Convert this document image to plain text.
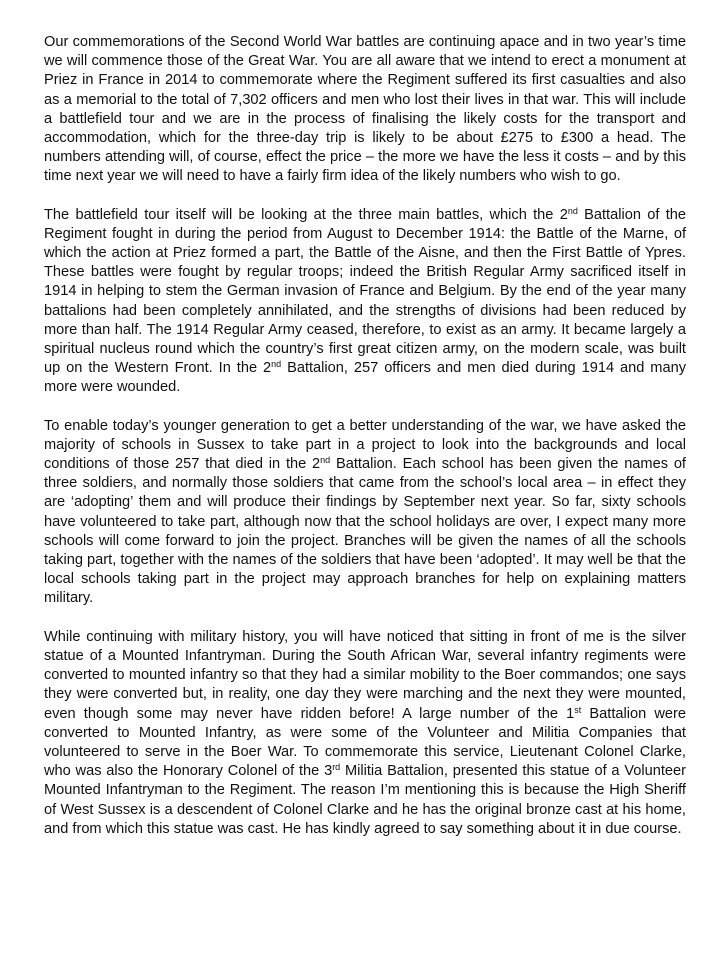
Our commemorations of the Second World War battles are continuing apace and in two year’s time we will commence those of the Great War. You are all aware that we intend to erect a monument at Priez in France in 2014 to commemorate where the Regiment suffered its first casualties and also as a memorial to the total of 7,302 officers and men who lost their lives in that war. This will include a battlefield tour and we are in the process of finalising the likely costs for the transport and accommodation, which for the three-day trip is likely to be about £275 to £300 a head. The numbers attending will, of course, effect the price – the more we have the less it costs – and by this time next year we will need to have a fairly firm idea of the likely numbers who wish to go.

The battlefield tour itself will be looking at the three main battles, which the 2nd Battalion of the Regiment fought in during the period from August to December 1914: the Battle of the Marne, of which the action at Priez formed a part, the Battle of the Aisne, and then the First Battle of Ypres. These battles were fought by regular troops; indeed the British Regular Army sacrificed itself in 1914 in helping to stem the German invasion of France and Belgium. By the end of the year many battalions had been completely annihilated, and the strengths of divisions had been reduced by more than half. The 1914 Regular Army ceased, therefore, to exist as an army. It became largely a spiritual nucleus round which the country’s first great citizen army, on the modern scale, was built up on the Western Front. In the 2nd Battalion, 257 officers and men died during 1914 and many more were wounded.

To enable today’s younger generation to get a better understanding of the war, we have asked the majority of schools in Sussex to take part in a project to look into the backgrounds and local conditions of those 257 that died in the 2nd Battalion. Each school has been given the names of three soldiers, and normally those soldiers that came from the school’s local area – in effect they are ‘adopting’ them and will produce their findings by September next year. So far, sixty schools have volunteered to take part, although now that the school holidays are over, I expect many more schools will come forward to join the project. Branches will be given the names of all the schools taking part, together with the names of the soldiers that have been ‘adopted’. It may well be that the local schools taking part in the project may approach branches for help on explaining matters military.

While continuing with military history, you will have noticed that sitting in front of me is the silver statue of a Mounted Infantryman. During the South African War, several infantry regiments were converted to mounted infantry so that they had a similar mobility to the Boer commandos; one says they were converted but, in reality, one day they were marching and the next they were mounted, even though some may never have ridden before! A large number of the 1st Battalion were converted to Mounted Infantry, as were some of the Volunteer and Militia Companies that volunteered to serve in the Boer War. To commemorate this service, Lieutenant Colonel Clarke, who was also the Honorary Colonel of the 3rd Militia Battalion, presented this statue of a Volunteer Mounted Infantryman to the Regiment. The reason I’m mentioning this is because the High Sheriff of West Sussex is a descendent of Colonel Clarke and he has the original bronze cast at his home, and from which this statue was cast. He has kindly agreed to say something about it in due course.
